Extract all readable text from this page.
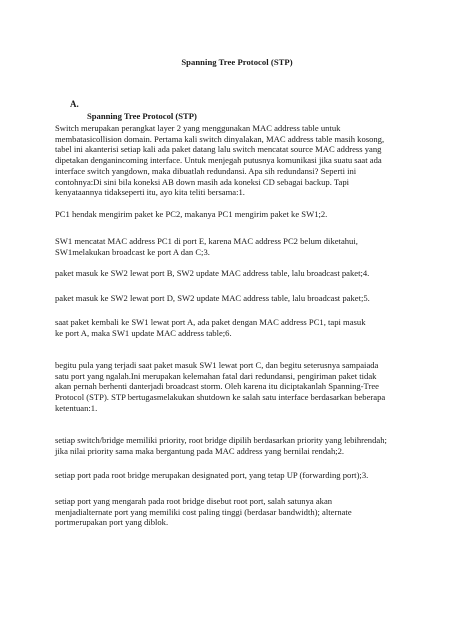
Spanning Tree Protocol (STP)
A.
Spanning Tree Protocol (STP)
Switch merupakan perangkat layer 2 yang menggunakan MAC address table untuk
membatasicollision domain. Pertama kali switch dinyalakan, MAC address table masih kosong,
tabel ini akanterisi setiap kali ada paket datang lalu switch mencatat source MAC address yang
dipetakan denganincoming interface. Untuk menjegah putusnya komunikasi jika suatu saat ada
interface switch yangdown, maka dibuatlah redundansi. Apa sih redundansi? Seperti ini
contohnya:Di sini bila koneksi AB down masih ada koneksi CD sebagai backup. Tapi
kenyataannya tidakseperti itu, ayo kita teliti bersama:1.
PC1 hendak mengirim paket ke PC2, makanya PC1 mengirim paket ke SW1;2.
SW1 mencatat MAC address PC1 di port E, karena MAC address PC2 belum diketahui,
SW1melakukan broadcast ke port A dan C;3.
paket masuk ke SW2 lewat port B, SW2 update MAC address table, lalu broadcast paket;4.
paket masuk ke SW2 lewat port D, SW2 update MAC address table, lalu broadcast paket;5.
saat paket kembali ke SW1 lewat port A, ada paket dengan MAC address PC1, tapi masuk
ke port A, maka SW1 update MAC address table;6.
begitu pula yang terjadi saat paket masuk SW1 lewat port C, dan begitu seterusnya sampaiada
satu port yang ngalah.Ini merupakan kelemahan fatal dari redundansi, pengiriman paket tidak
akan pernah berhenti danterjadi broadcast storm. Oleh karena itu diciptakanlah Spanning-Tree
Protocol (STP). STP bertugasmelakukan shutdown ke salah satu interface berdasarkan beberapa
ketentuan:1.
setiap switch/bridge memiliki priority, root bridge dipilih berdasarkan priority yang lebihrendah;
jika nilai priority sama maka bergantung pada MAC address yang bernilai rendah;2.
setiap port pada root bridge merupakan designated port, yang tetap UP (forwarding port);3.
setiap port yang mengarah pada root bridge disebut root port, salah satunya akan
menjadialternate port yang memiliki cost paling tinggi (berdasar bandwidth); alternate
portmerupakan port yang diblok.
